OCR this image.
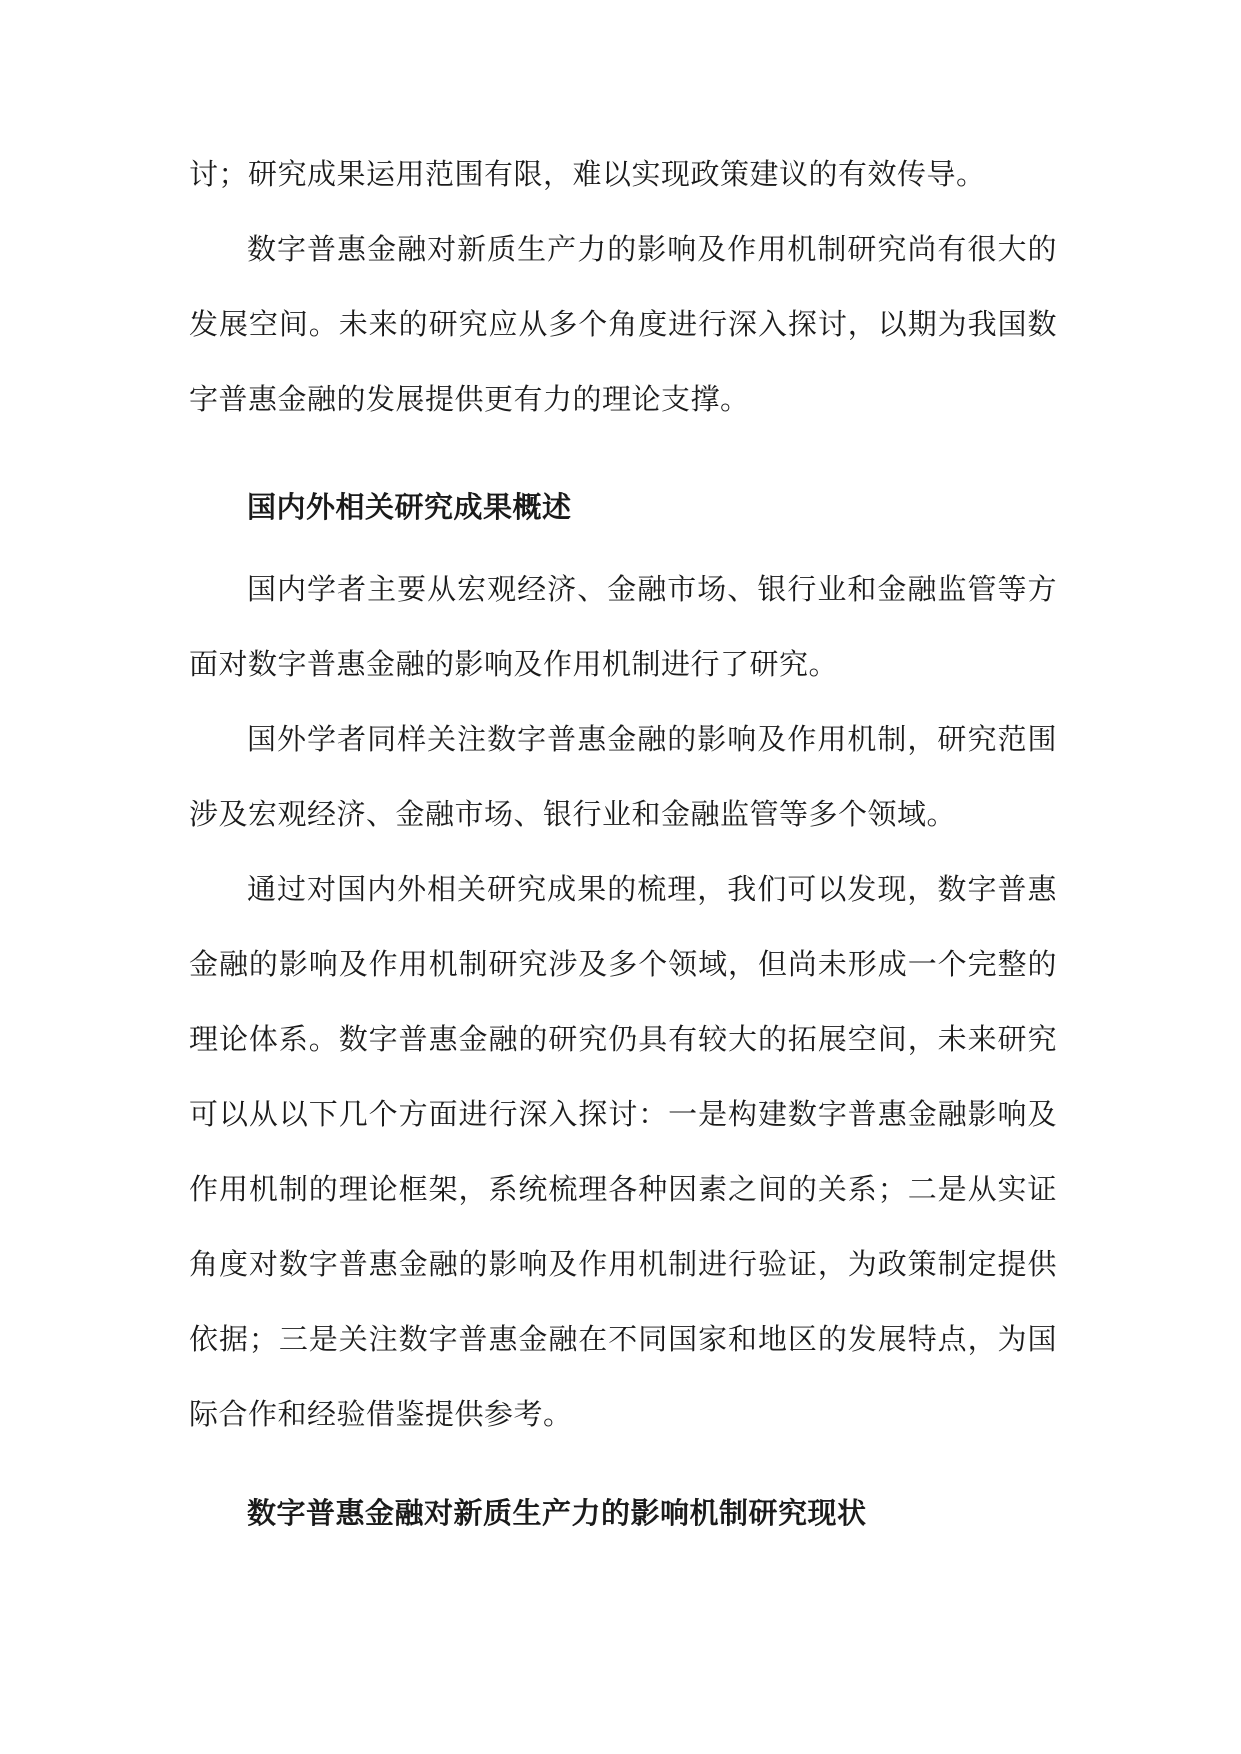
讨；研究成果运用范围有限，难以实现政策建议的有效传导。

数字普惠金融对新质生产力的影响及作用机制研究尚有很大的发展空间。未来的研究应从多个角度进行深入探讨，以期为我国数字普惠金融的发展提供更有力的理论支撑。

国内外相关研究成果概述

国内学者主要从宏观经济、金融市场、银行业和金融监管等方面对数字普惠金融的影响及作用机制进行了研究。

国外学者同样关注数字普惠金融的影响及作用机制，研究范围涉及宏观经济、金融市场、银行业和金融监管等多个领域。

通过对国内外相关研究成果的梳理，我们可以发现，数字普惠金融的影响及作用机制研究涉及多个领域，但尚未形成一个完整的理论体系。数字普惠金融的研究仍具有较大的拓展空间，未来研究可以从以下几个方面进行深入探讨：一是构建数字普惠金融影响及作用机制的理论框架，系统梳理各种因素之间的关系；二是从实证角度对数字普惠金融的影响及作用机制进行验证，为政策制定提供依据；三是关注数字普惠金融在不同国家和地区的发展特点，为国际合作和经验借鉴提供参考。

数字普惠金融对新质生产力的影响机制研究现状
